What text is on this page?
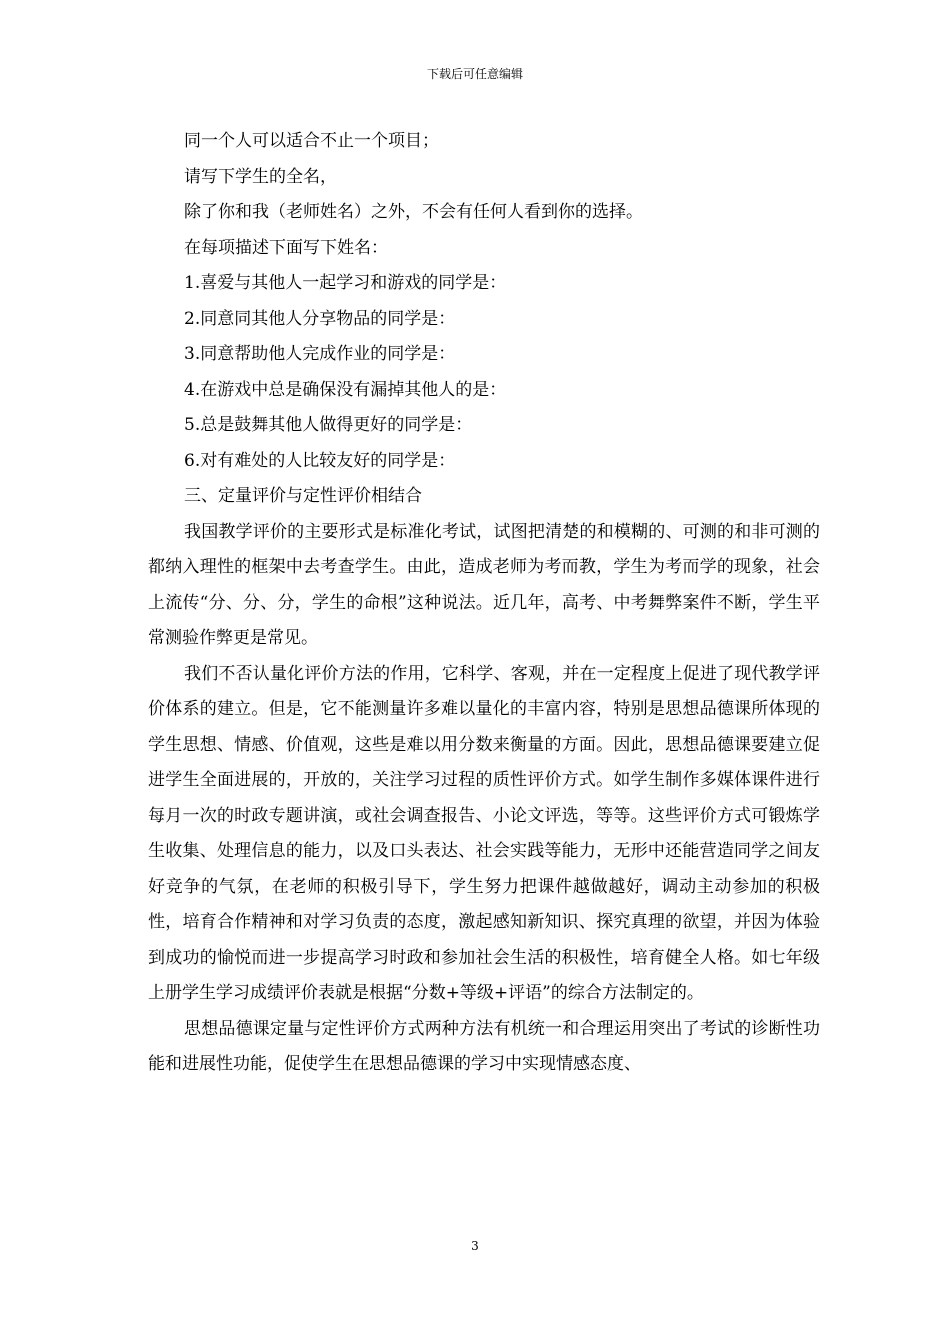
下载后可任意编辑
同一个人可以适合不止一个项目；
请写下学生的全名，
除了你和我（老师姓名）之外，不会有任何人看到你的选择。
在每项描述下面写下姓名：
1.喜爱与其他人一起学习和游戏的同学是：
2.同意同其他人分享物品的同学是：
3.同意帮助他人完成作业的同学是：
4.在游戏中总是确保没有漏掉其他人的是：
5.总是鼓舞其他人做得更好的同学是：
6.对有难处的人比较友好的同学是：
三、定量评价与定性评价相结合
我国教学评价的主要形式是标准化考试，试图把清楚的和模糊的、可测的和非可测的都纳入理性的框架中去考查学生。由此，造成老师为考而教，学生为考而学的现象，社会上流传“分、分、分，学生的命根”这种说法。近几年，高考、中考舞弊案件不断，学生平常测验作弊更是常见。
我们不否认量化评价方法的作用，它科学、客观，并在一定程度上促进了现代教学评价体系的建立。但是，它不能测量许多难以量化的丰富内容，特别是思想品德课所体现的学生思想、情感、价值观，这些是难以用分数来衡量的方面。因此，思想品德课要建立促进学生全面进展的，开放的，关注学习过程的质性评价方式。如学生制作多媒体课件进行每月一次的时政专题讲演，或社会调查报告、小论文评选，等等。这些评价方式可锻炼学生收集、处理信息的能力，以及口头表达、社会实践等能力，无形中还能营造同学之间友好竞争的气氛，在老师的积极引导下，学生努力把课件越做越好，调动主动参加的积极性，培育合作精神和对学习负责的态度，激起感知新知识、探究真理的欲望，并因为体验到成功的愉悦而进一步提高学习时政和参加社会生活的积极性，培育健全人格。如七年级上册学生学习成绩评价表就是根据“分数+等级+评语”的综合方法制定的。
思想品德课定量与定性评价方式两种方法有机统一和合理运用突出了考试的诊断性功能和进展性功能，促使学生在思想品德课的学习中实现情感态度、
3
